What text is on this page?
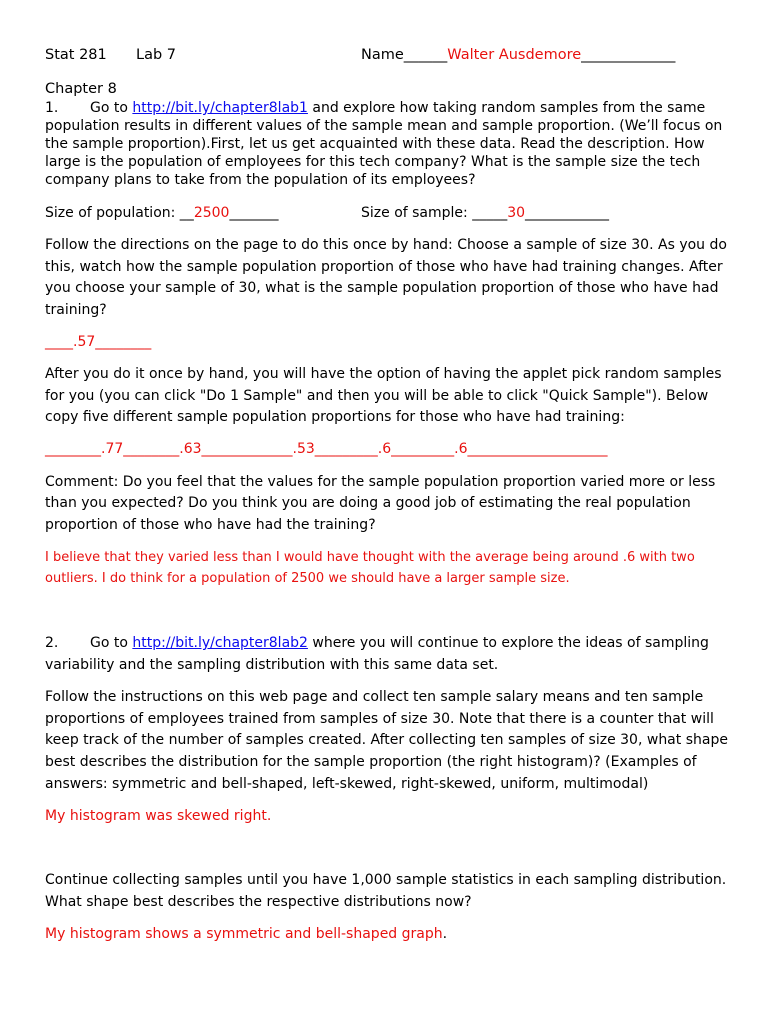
Stat 281 Lab 7	Name______Walter Ausdemore_____________
Chapter 8
1. Go to http://bit.ly/chapter8lab1 and explore how taking random samples from the same
population results in different values of the sample mean and sample proportion. (We’ll focus on
the sample proportion).First, let us get acquainted with these data. Read the description. How
large is the population of employees for this tech company? What is the sample size the tech
company plans to take from the population of its employees?
Size of population: __2500_______	Size of sample: _____30____________
Follow the directions on the page to do this once by hand: Choose a sample of size 30. As you do
this, watch how the sample population proportion of those who have had training changes. After
you choose your sample of 30, what is the sample population proportion of those who have had
training?
____.57________
After you do it once by hand, you will have the option of having the applet pick random samples
for you (you can click "Do 1 Sample" and then you will be able to click "Quick Sample"). Below
copy five different sample population proportions for those who have had training:
________.77________.63_____________.53_________.6_________.6____________________
Comment: Do you feel that the values for the sample population proportion varied more or less
than you expected? Do you think you are doing a good job of estimating the real population
proportion of those who have had the training?
I believe that they varied less than I would have thought with the average being around .6 with two
outliers. I do think for a population of 2500 we should have a larger sample size.
2. Go to http://bit.ly/chapter8lab2 where you will continue to explore the ideas of sampling
variability and the sampling distribution with this same data set.
Follow the instructions on this web page and collect ten sample salary means and ten sample
proportions of employees trained from samples of size 30. Note that there is a counter that will
keep track of the number of samples created. After collecting ten samples of size 30, what shape
best describes the distribution for the sample proportion (the right histogram)? (Examples of
answers: symmetric and bell-shaped, left-skewed, right-skewed, uniform, multimodal)
My histogram was skewed right.
Continue collecting samples until you have 1,000 sample statistics in each sampling distribution.
What shape best describes the respective distributions now?
My histogram shows a symmetric and bell-shaped graph.
